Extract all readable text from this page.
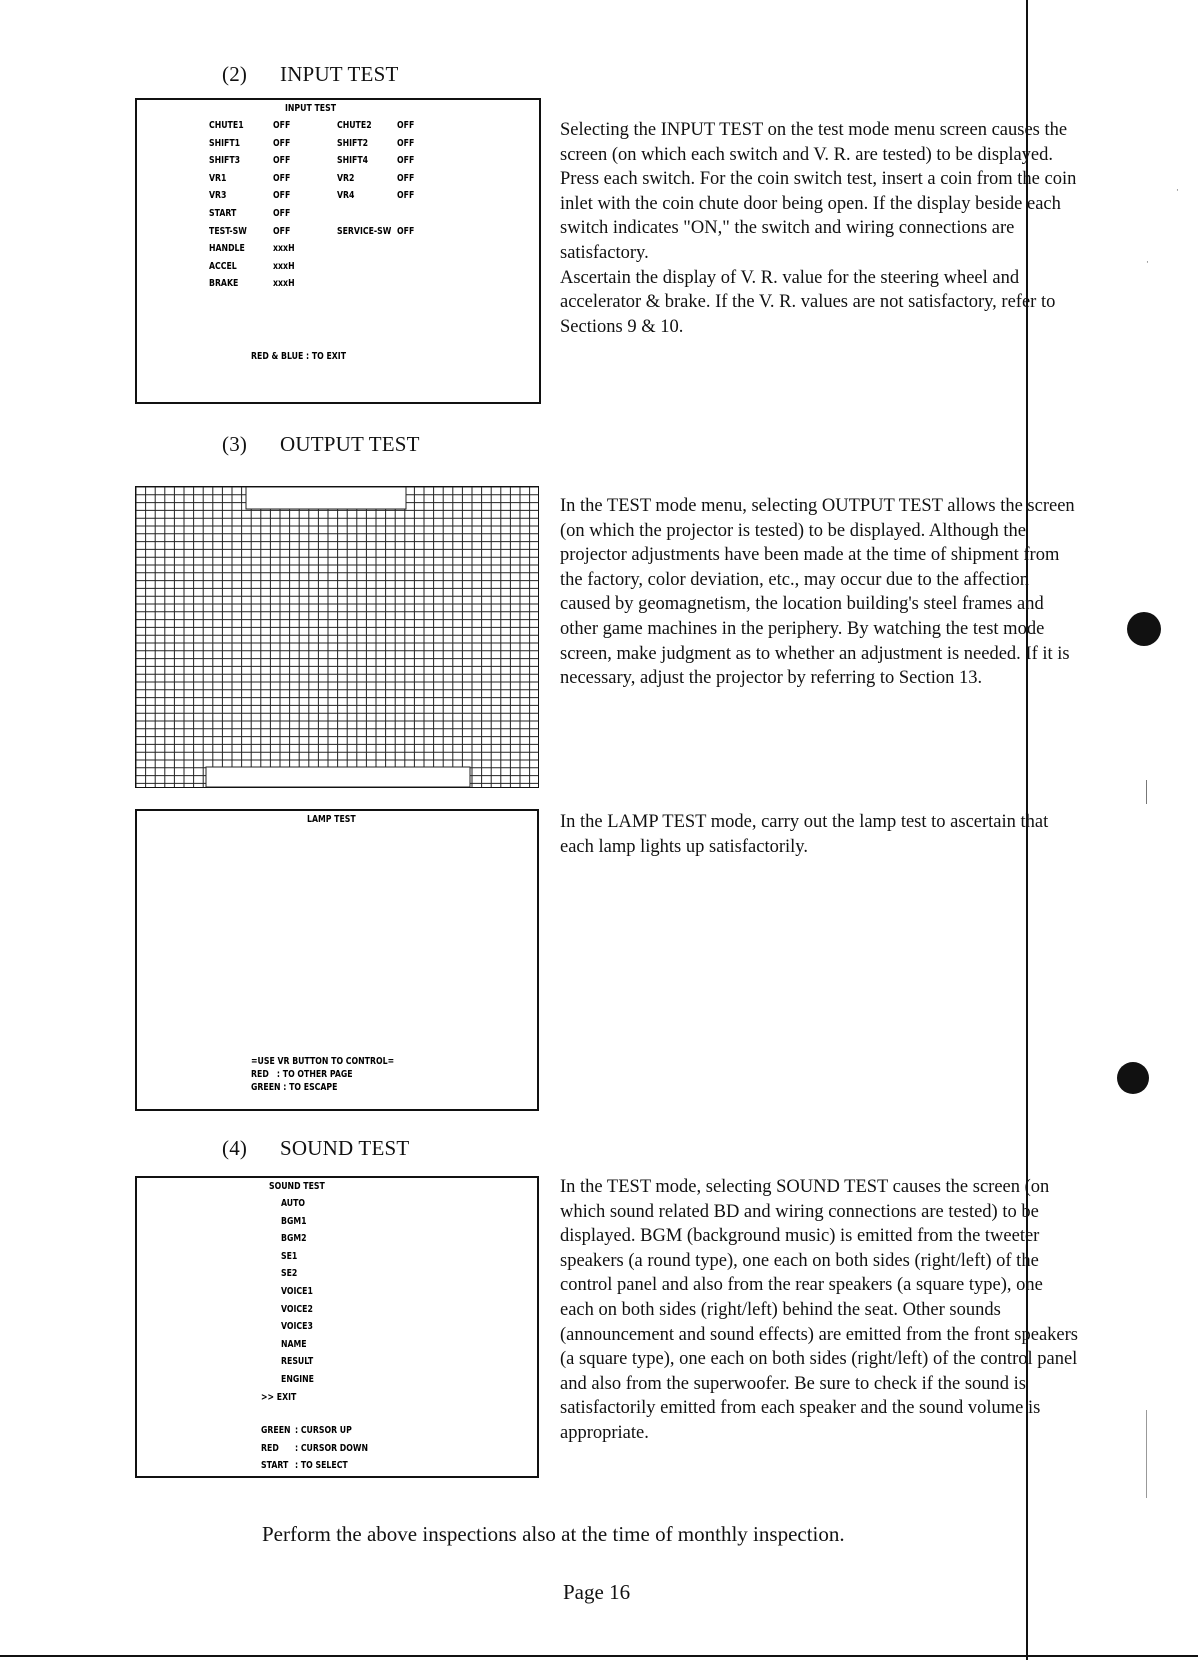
(2) INPUT TEST
INPUT TEST
CHUTE1	OFF	CHUTE2	OFF
SHIFT1	OFF	SHIFT2	OFF
SHIFT3	OFF	SHIFT4	OFF
VR1	OFF	VR2	OFF
VR3	OFF	VR4	OFF
START	OFF
TEST-SW	OFF	SERVICE-SW OFF
HANDLE	xxxH
ACCEL	xxxH
BRAKE	xxxH
RED & BLUE : TO EXIT

Selecting the INPUT TEST on the test mode menu screen causes the screen (on which each switch and V. R. are tested) to be displayed. Press each switch. For the coin switch test, insert a coin from the coin inlet with the coin chute door being open. If the display beside each switch indicates "ON," the switch and wiring connections are satisfactory.

Ascertain the display of V. R. value for the steering wheel and accelerator & brake. If the V. R. values are not satisfactory, refer to Sections 9 & 10.

(3) OUTPUT TEST

In the TEST mode menu, selecting OUTPUT TEST allows the screen (on which the projector is tested) to be displayed. Although the projector adjustments have been made at the time of shipment from the factory, color deviation, etc., may occur due to the affection caused by geomagnetism, the location building's steel frames and other game machines in the periphery. By watching the test mode screen, make judgment as to whether an adjustment is needed. If it is necessary, adjust the projector by referring to Section 13.

LAMP TEST
=USE VR BUTTON TO CONTROL=
RED   : TO OTHER PAGE
GREEN : TO ESCAPE

In the LAMP TEST mode, carry out the lamp test to ascertain that each lamp lights up satisfactorily.

(4) SOUND TEST
SOUND TEST
AUTO
BGM1
BGM2
SE1
SE2
VOICE1
VOICE2
VOICE3
NAME
RESULT
ENGINE
>> EXIT
GREEN : CURSOR UP
RED : CURSOR DOWN
START : TO SELECT

In the TEST mode, selecting SOUND TEST causes the screen (on which sound related BD and wiring connections are tested) to be displayed. BGM (background music) is emitted from the tweeter speakers (a round type), one each on both sides (right/left) of the control panel and also from the rear speakers (a square type), one each on both sides (right/left) behind the seat. Other sounds (announcement and sound effects) are emitted from the front speakers (a square type), one each on both sides (right/left) of the control panel and also from the superwoofer. Be sure to check if the sound is satisfactorily emitted from each speaker and the sound volume is appropriate.

Perform the above inspections also at the time of monthly inspection.
Page 16
·
·
